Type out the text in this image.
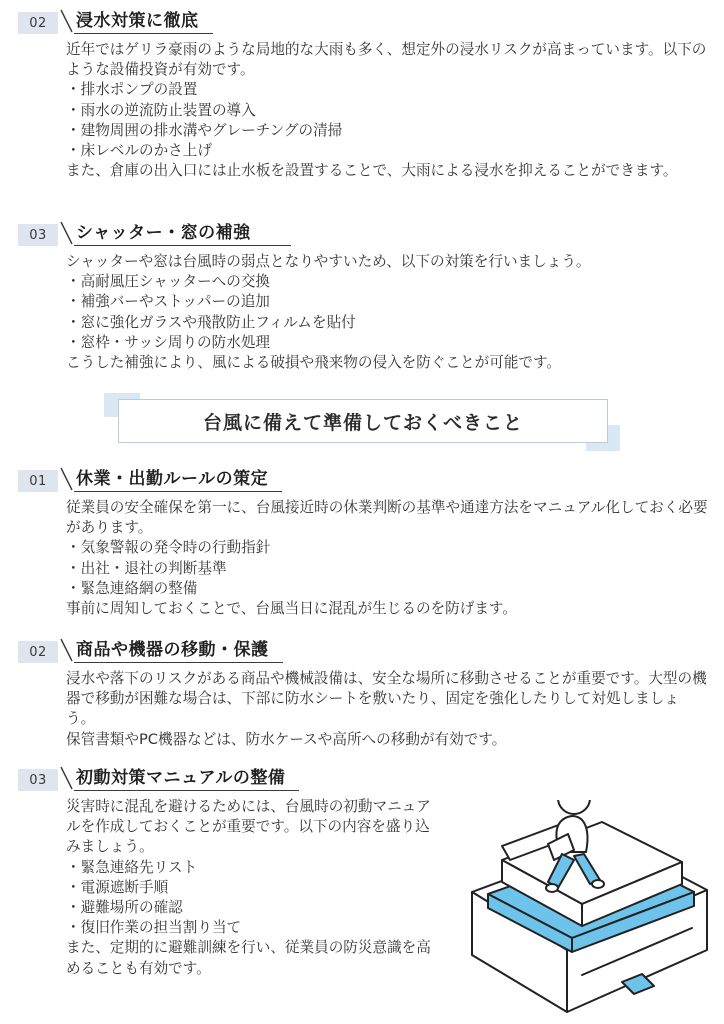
02	浸水対策に徹底

近年ではゲリラ豪雨のような局地的な大雨も多く、想定外の浸水リスクが高まっています。以下のような設備投資が有効です。

・排水ポンプの設置
・雨水の逆流防止装置の導入
・建物周囲の排水溝やグレーチングの清掃
・床レベルのかさ上げ

また、倉庫の出入口には止水板を設置することで、大雨による浸水を抑えることができます。

03	シャッター・窓の補強

シャッターや窓は台風時の弱点となりやすいため、以下の対策を行いましょう。

・高耐風圧シャッターへの交換
・補強バーやストッパーの追加
・窓に強化ガラスや飛散防止フィルムを貼付
・窓枠・サッシ周りの防水処理

こうした補強により、風による破損や飛来物の侵入を防ぐことが可能です。

台風に備えて準備しておくべきこと
01	休業・出勤ルールの策定

従業員の安全確保を第一に、台風接近時の休業判断の基準や通達方法をマニュアル化しておく必要があります。

・気象警報の発令時の行動指針
・出社・退社の判断基準
・緊急連絡網の整備

事前に周知しておくことで、台風当日に混乱が生じるのを防げます。

02	商品や機器の移動・保護

浸水や落下のリスクがある商品や機械設備は、安全な場所に移動させることが重要です。大型の機器で移動が困難な場合は、下部に防水シートを敷いたり、固定を強化したりして対処しましょう。

保管書類やPC機器などは、防水ケースや高所への移動が有効です。

03	初動対策マニュアルの整備

災害時に混乱を避けるためには、台風時の初動マニュアルを作成しておくことが重要です。以下の内容を盛り込みましょう。

・緊急連絡先リスト
・電源遮断手順
・避難場所の確認
・復旧作業の担当割り当て

また、定期的に避難訓練を行い、従業員の防災意識を高めることも有効です。
